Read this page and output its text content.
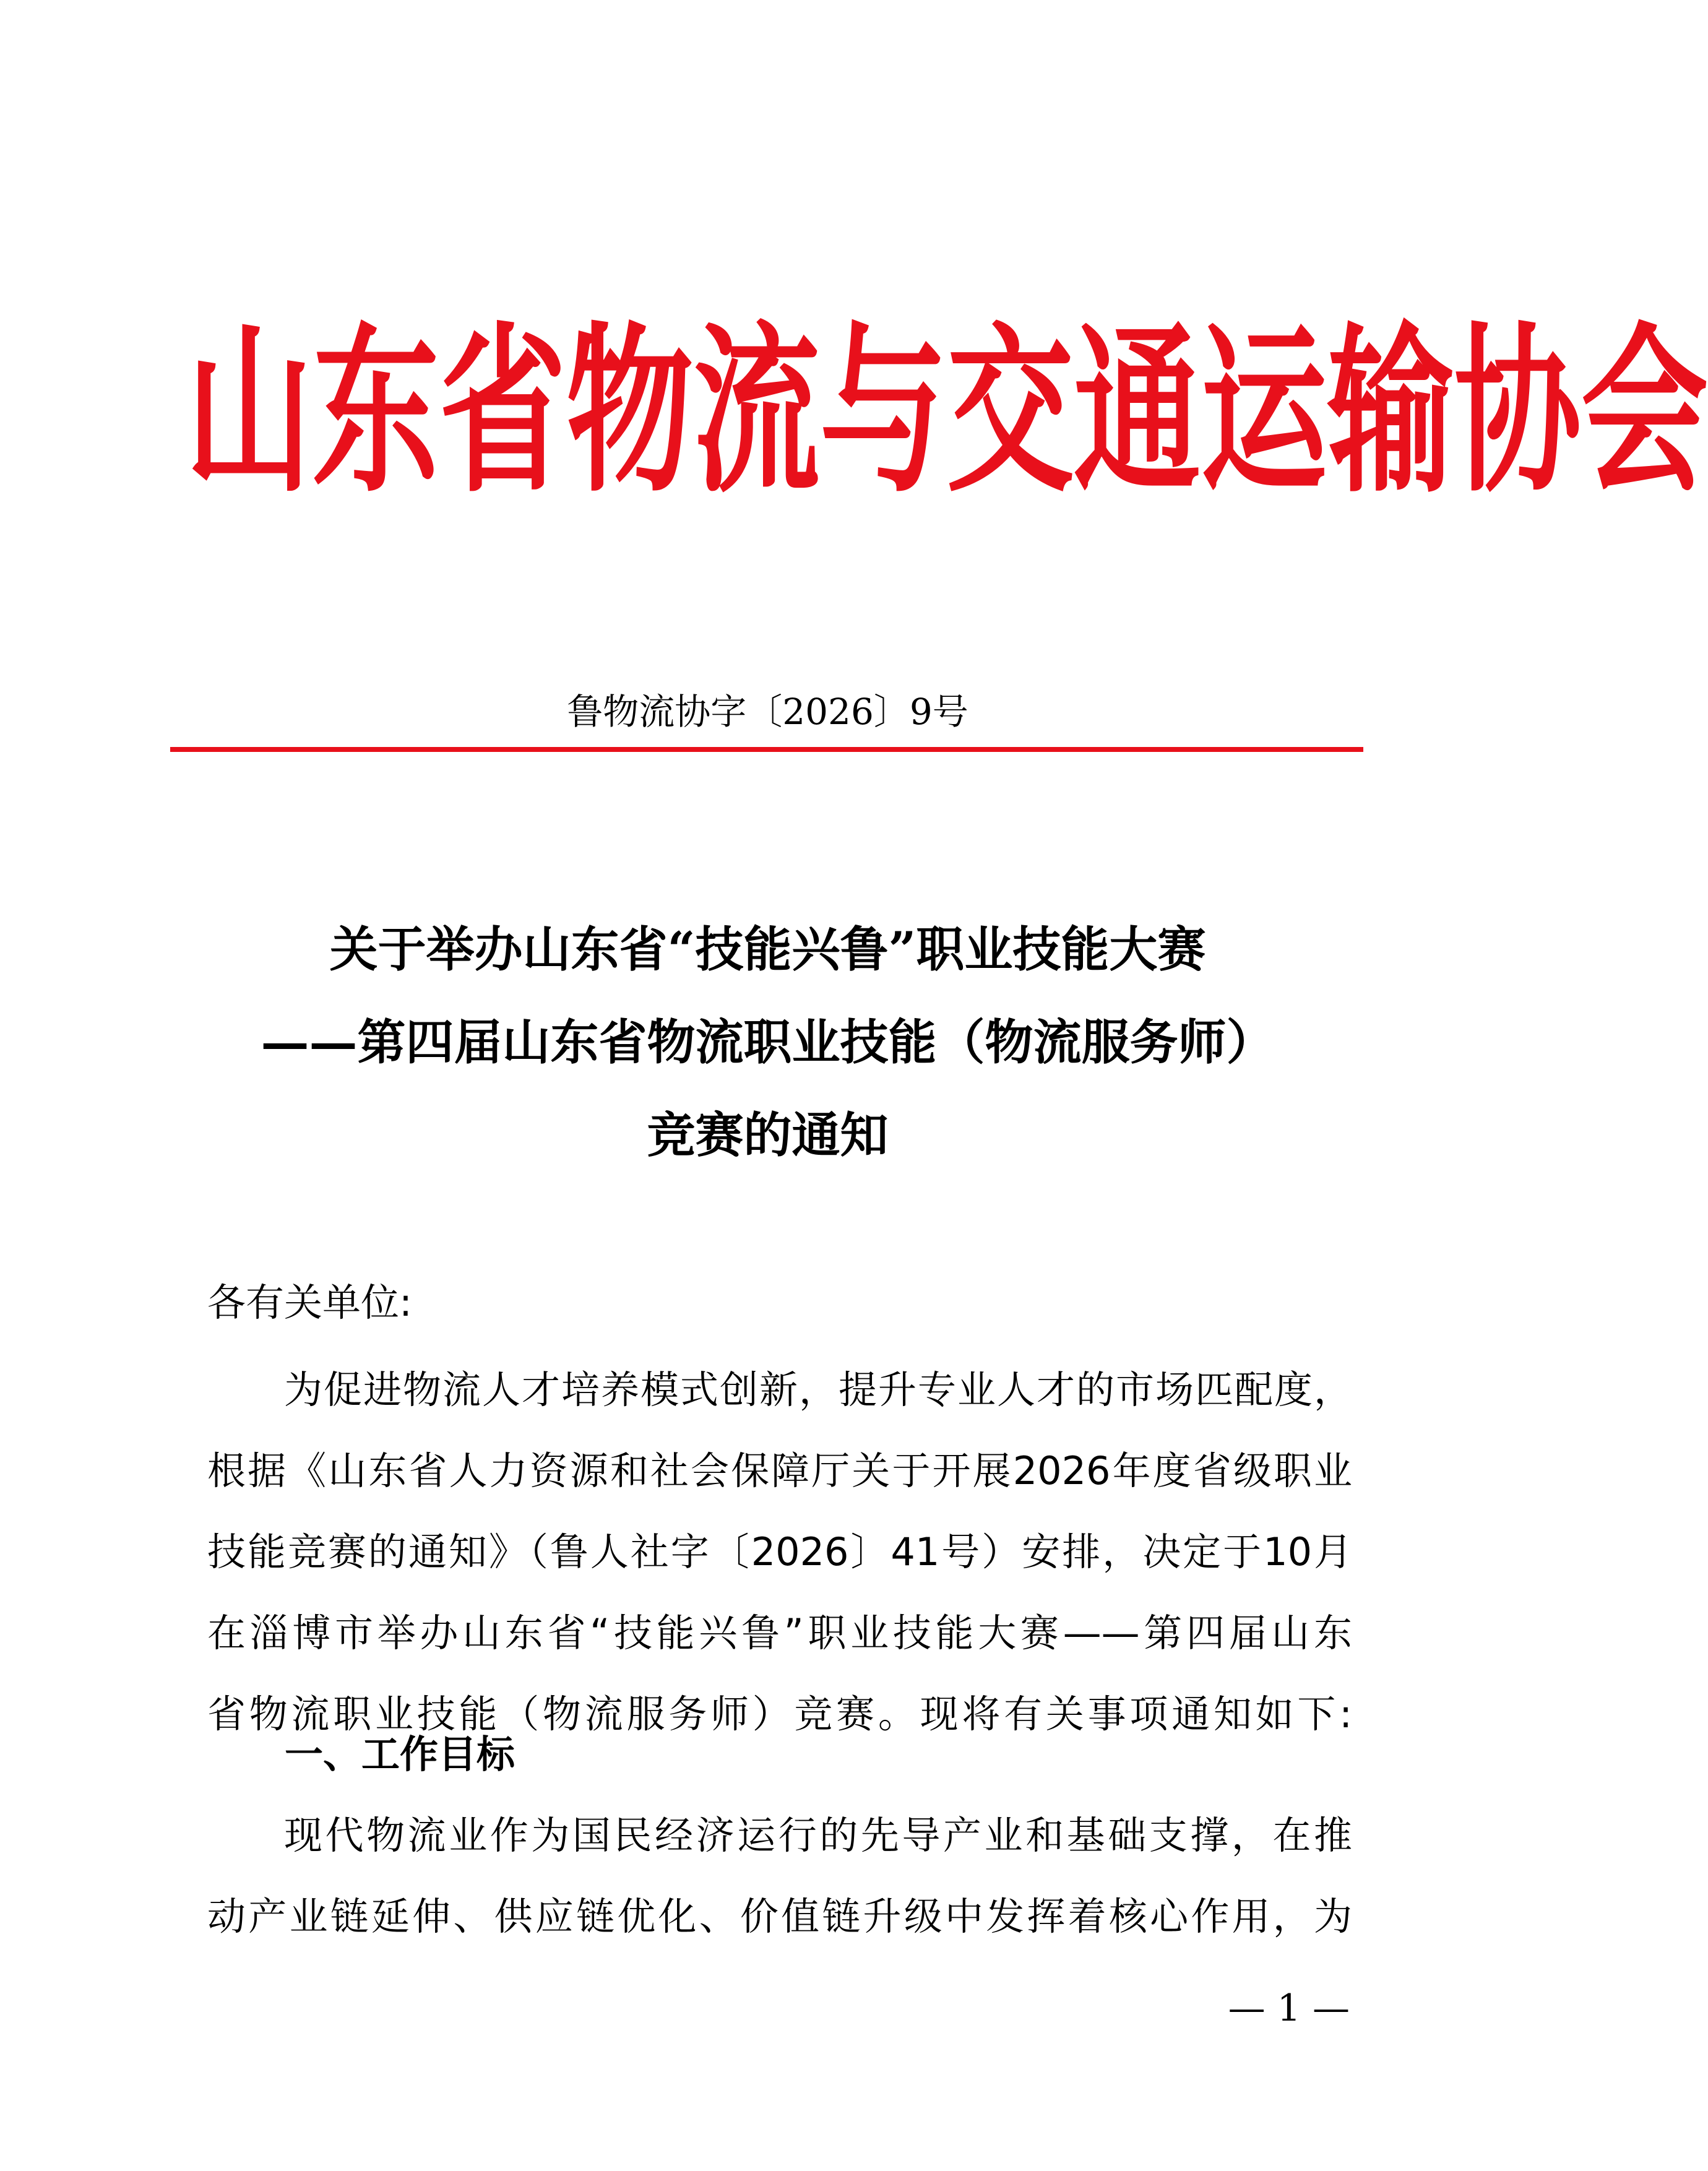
山东省物流与交通运输协会
鲁物流协字〔2026〕9号
关于举办山东省“技能兴鲁”职业技能大赛
——第四届山东省物流职业技能（物流服务师）
竞赛的通知
各有关单位:
为促进物流人才培养模式创新，提升专业人才的市场匹配度，
根据《山东省人力资源和社会保障厅关于开展2026年度省级职业
技能竞赛的通知》（鲁人社字〔2026〕41号）安排，决定于10月
在淄博市举办山东省“技能兴鲁”职业技能大赛——第四届山东
省物流职业技能（物流服务师）竞赛。现将有关事项通知如下:
一、工作目标
现代物流业作为国民经济运行的先导产业和基础支撑，在推
动产业链延伸、供应链优化、价值链升级中发挥着核心作用，为
— 1 —
